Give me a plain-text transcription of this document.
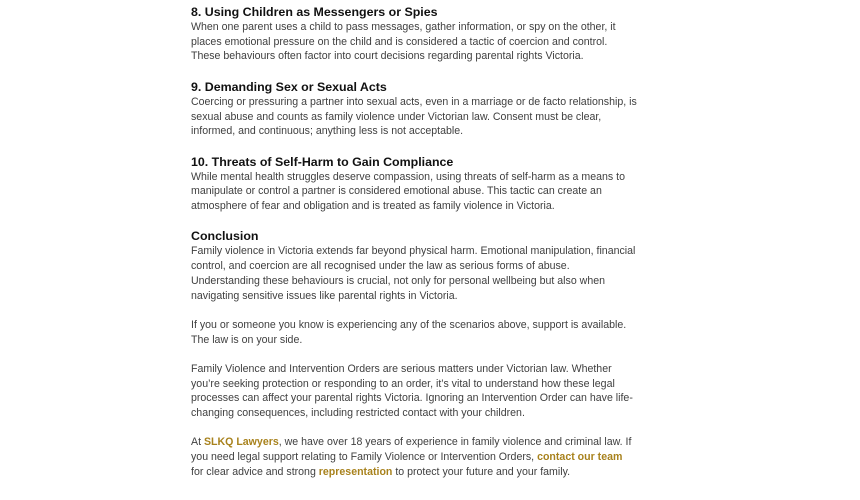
8. Using Children as Messengers or Spies

When one parent uses a child to pass messages, gather information, or spy on the other, it places emotional pressure on the child and is considered a tactic of coercion and control. These behaviours often factor into court decisions regarding parental rights Victoria.

9. Demanding Sex or Sexual Acts

Coercing or pressuring a partner into sexual acts, even in a marriage or de facto relationship, is sexual abuse and counts as family violence under Victorian law. Consent must be clear, informed, and continuous; anything less is not acceptable.

10. Threats of Self-Harm to Gain Compliance

While mental health struggles deserve compassion, using threats of self-harm as a means to manipulate or control a partner is considered emotional abuse. This tactic can create an atmosphere of fear and obligation and is treated as family violence in Victoria.

Conclusion

Family violence in Victoria extends far beyond physical harm. Emotional manipulation, financial control, and coercion are all recognised under the law as serious forms of abuse. Understanding these behaviours is crucial, not only for personal wellbeing but also when navigating sensitive issues like parental rights in Victoria.

If you or someone you know is experiencing any of the scenarios above, support is available. The law is on your side.

Family Violence and Intervention Orders are serious matters under Victorian law. Whether you’re seeking protection or responding to an order, it’s vital to understand how these legal processes can affect your parental rights Victoria. Ignoring an Intervention Order can have life-changing consequences, including restricted contact with your children.

At SLKQ Lawyers, we have over 18 years of experience in family violence and criminal law. If you need legal support relating to Family Violence or Intervention Orders, contact our team for clear advice and strong representation to protect your future and your family.
